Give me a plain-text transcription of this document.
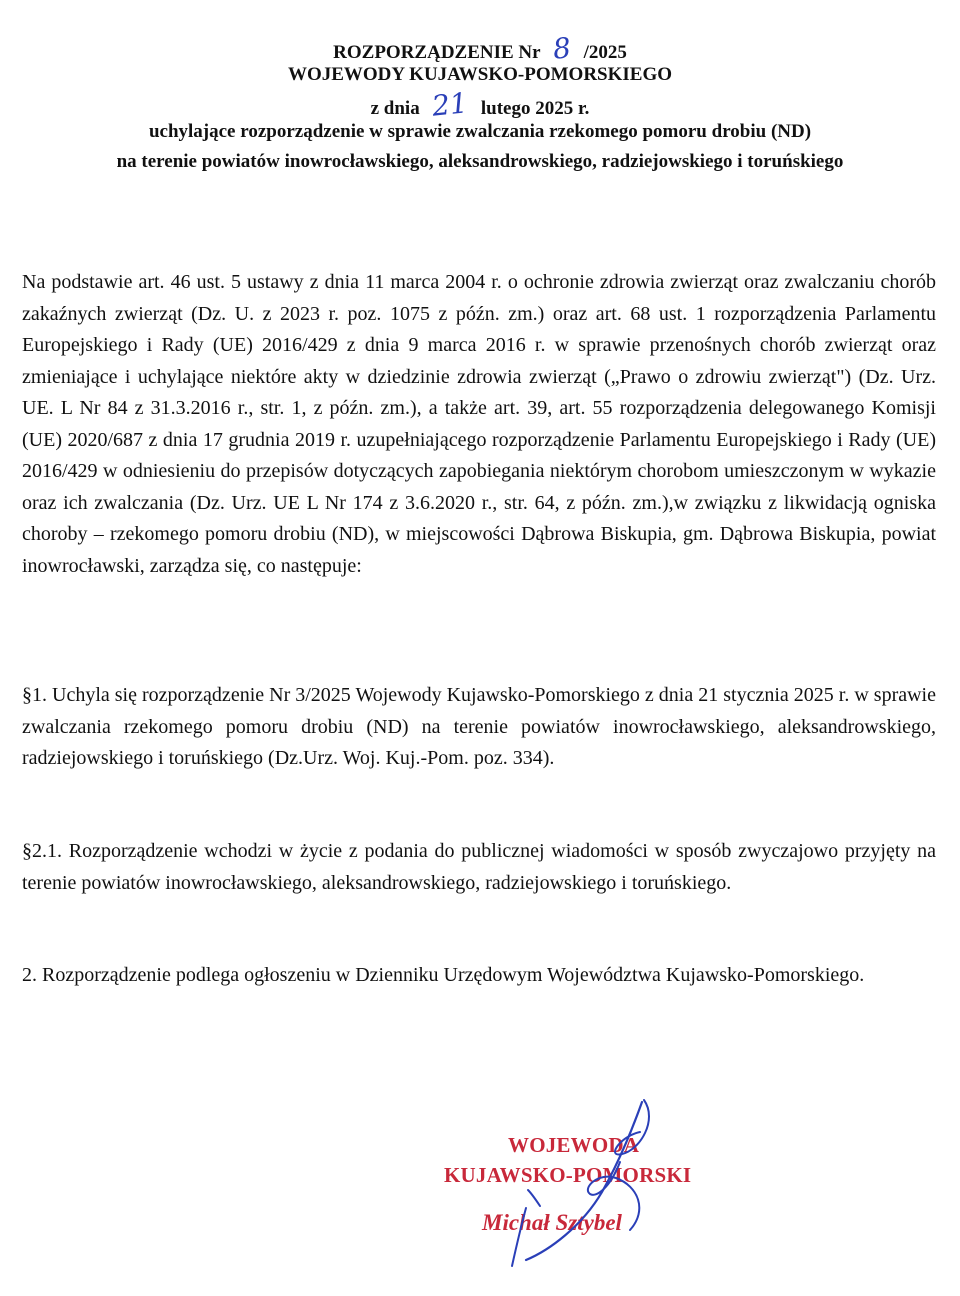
ROZPORZĄDZENIE Nr 8 /2025
WOJEWODY KUJAWSKO-POMORSKIEGO
z dnia 21 lutego 2025 r.
uchylające rozporządzenie w sprawie zwalczania rzekomego pomoru drobiu (ND)
na terenie powiatów inowrocławskiego, aleksandrowskiego, radziejowskiego i toruńskiego
Na podstawie art. 46 ust. 5 ustawy z dnia 11 marca 2004 r. o ochronie zdrowia zwierząt oraz zwalczaniu chorób zakaźnych zwierząt (Dz. U. z 2023 r. poz. 1075 z późn. zm.) oraz art. 68 ust. 1 rozporządzenia Parlamentu Europejskiego i Rady (UE) 2016/429 z dnia 9 marca 2016 r. w sprawie przenośnych chorób zwierząt oraz zmieniające i uchylające niektóre akty w dziedzinie zdrowia zwierząt („Prawo o zdrowiu zwierząt") (Dz. Urz. UE. L Nr 84 z 31.3.2016 r., str. 1, z późn. zm.), a także art. 39, art. 55 rozporządzenia delegowanego Komisji (UE) 2020/687 z dnia 17 grudnia 2019 r. uzupełniającego rozporządzenie Parlamentu Europejskiego i Rady (UE) 2016/429 w odniesieniu do przepisów dotyczących zapobiegania niektórym chorobom umieszczonym w wykazie oraz ich zwalczania (Dz. Urz. UE L Nr 174 z 3.6.2020 r., str. 64, z późn. zm.),w związku z likwidacją ogniska choroby – rzekomego pomoru drobiu (ND), w miejscowości Dąbrowa Biskupia, gm. Dąbrowa Biskupia, powiat inowrocławski, zarządza się, co następuje:
§1. Uchyla się rozporządzenie Nr 3/2025 Wojewody Kujawsko-Pomorskiego z dnia 21 stycznia 2025 r. w sprawie zwalczania rzekomego pomoru drobiu (ND) na terenie powiatów inowrocławskiego, aleksandrowskiego, radziejowskiego i toruńskiego (Dz.Urz. Woj. Kuj.-Pom. poz. 334).
§2.1. Rozporządzenie wchodzi w życie z podania do publicznej wiadomości w sposób zwyczajowo przyjęty na terenie powiatów inowrocławskiego, aleksandrowskiego, radziejowskiego i toruńskiego.
2. Rozporządzenie podlega ogłoszeniu w Dzienniku Urzędowym Województwa Kujawsko-Pomorskiego.
WOJEWODA
KUJAWSKO-POMORSKI
Michał Sztybel
